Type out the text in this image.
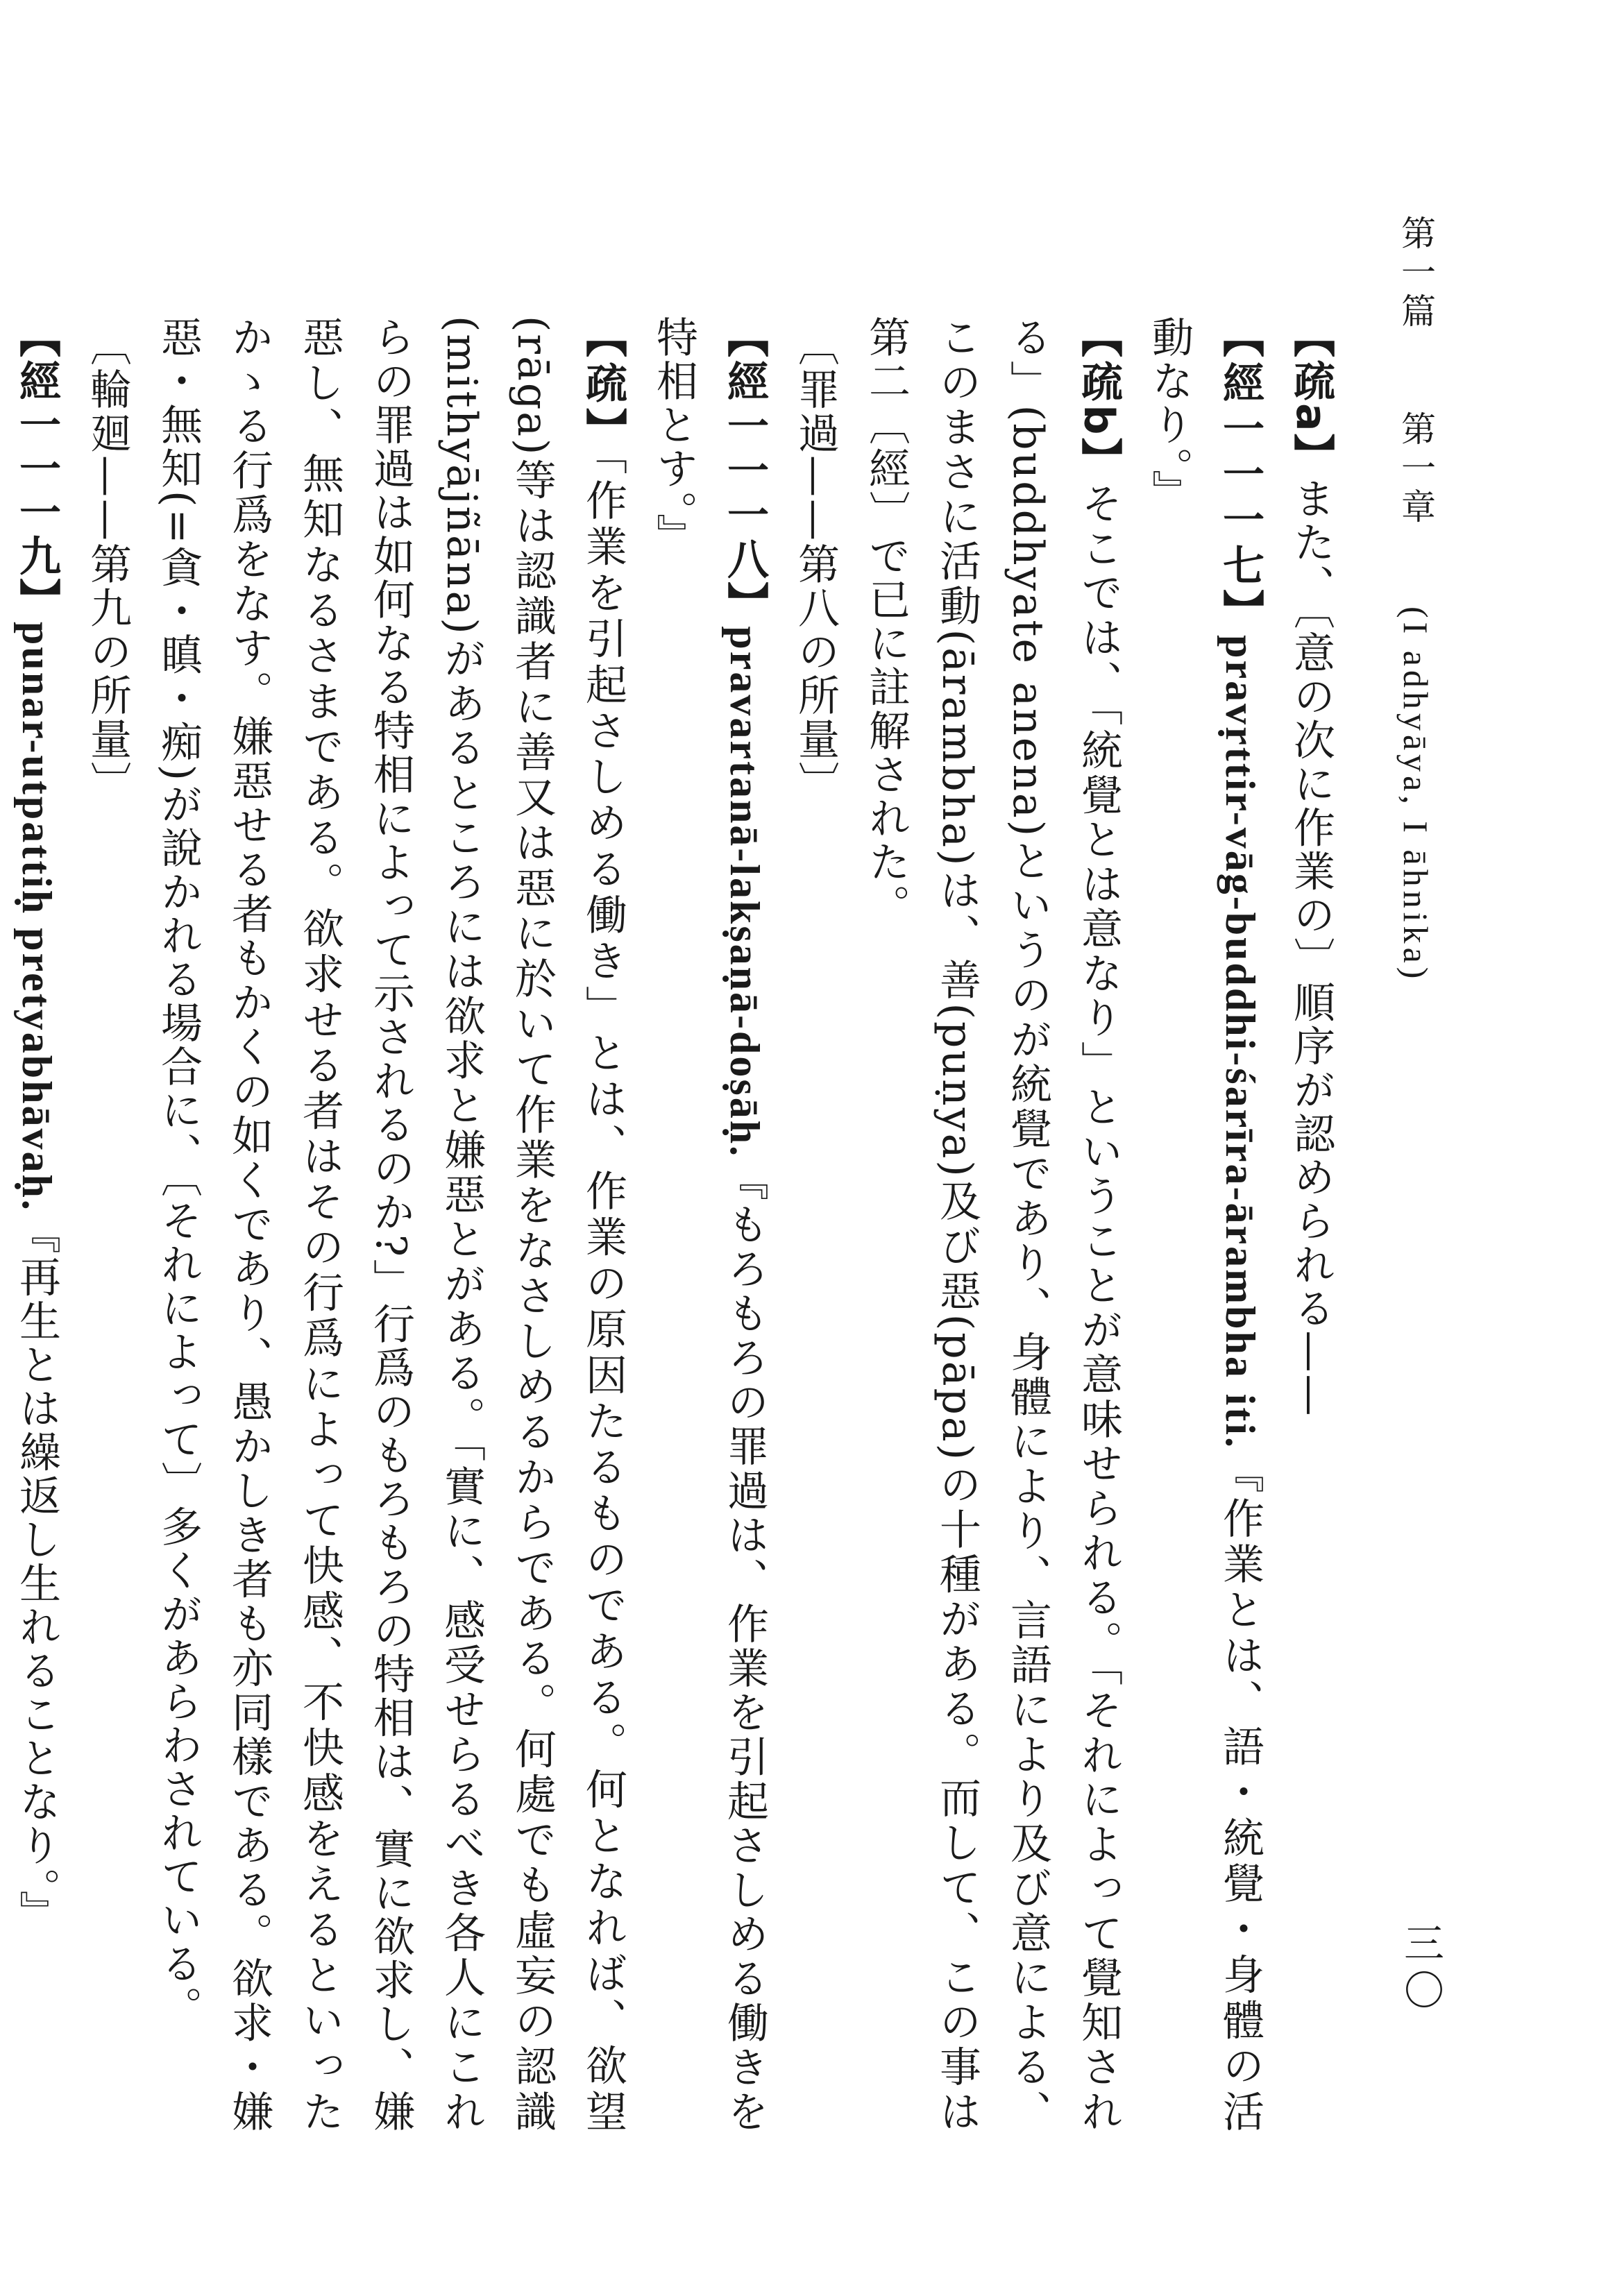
第一篇　 第一章　 (I adhyāya, I āhnika)
三〇

【疏a】また、〔意の次に作業の〕順序が認められる——

【經一一一七】pravṛttir-vāg-buddhi-śarīra-ārambha iti.『作業とは、語・統覺・身體の活動なり。』

【疏b】そこでは、「統覺とは意なり」ということが意味せられる。「それによって覺知される」(buddhyate anena)というのが統覺であり、身體により、言語により及び意による、このまさに活動(ārambha)は、善(puṇya)及び惡(pāpa)の十種がある。而して、この事は第二〔經〕で已に註解された。

〔罪過——第八の所量〕

【經一一一八】pravartanā-lakṣaṇā-doṣāḥ.『もろもろの罪過は、作業を引起さしめる働きを特相とす。』

【疏】「作業を引起さしめる働き」とは、作業の原因たるものである。何となれば、欲望(rāga)等は認識者に善又は惡に於いて作業をなさしめるからである。何處でも虛妄の認識(mithyājñāna)があるところには欲求と嫌惡とがある。「實に、感受せらるべき各人にこれらの罪過は如何なる特相によって示されるのか?」行爲のもろもろの特相は、實に欲求し、嫌惡し、無知なるさまである。欲求せる者はその行爲によって快感、不快感をえるといったかゝる行爲をなす。嫌惡せる者もかくの如くであり、愚かしき者も亦同樣である。欲求・嫌惡・無知(=貪・瞋・痴)が說かれる場合に、〔それによって〕多くがあらわされている。

〔輪廻——第九の所量〕

【經一一一九】punar-utpattiḥ pretyabhāvaḥ.『再生とは繰返し生れることなり。』
